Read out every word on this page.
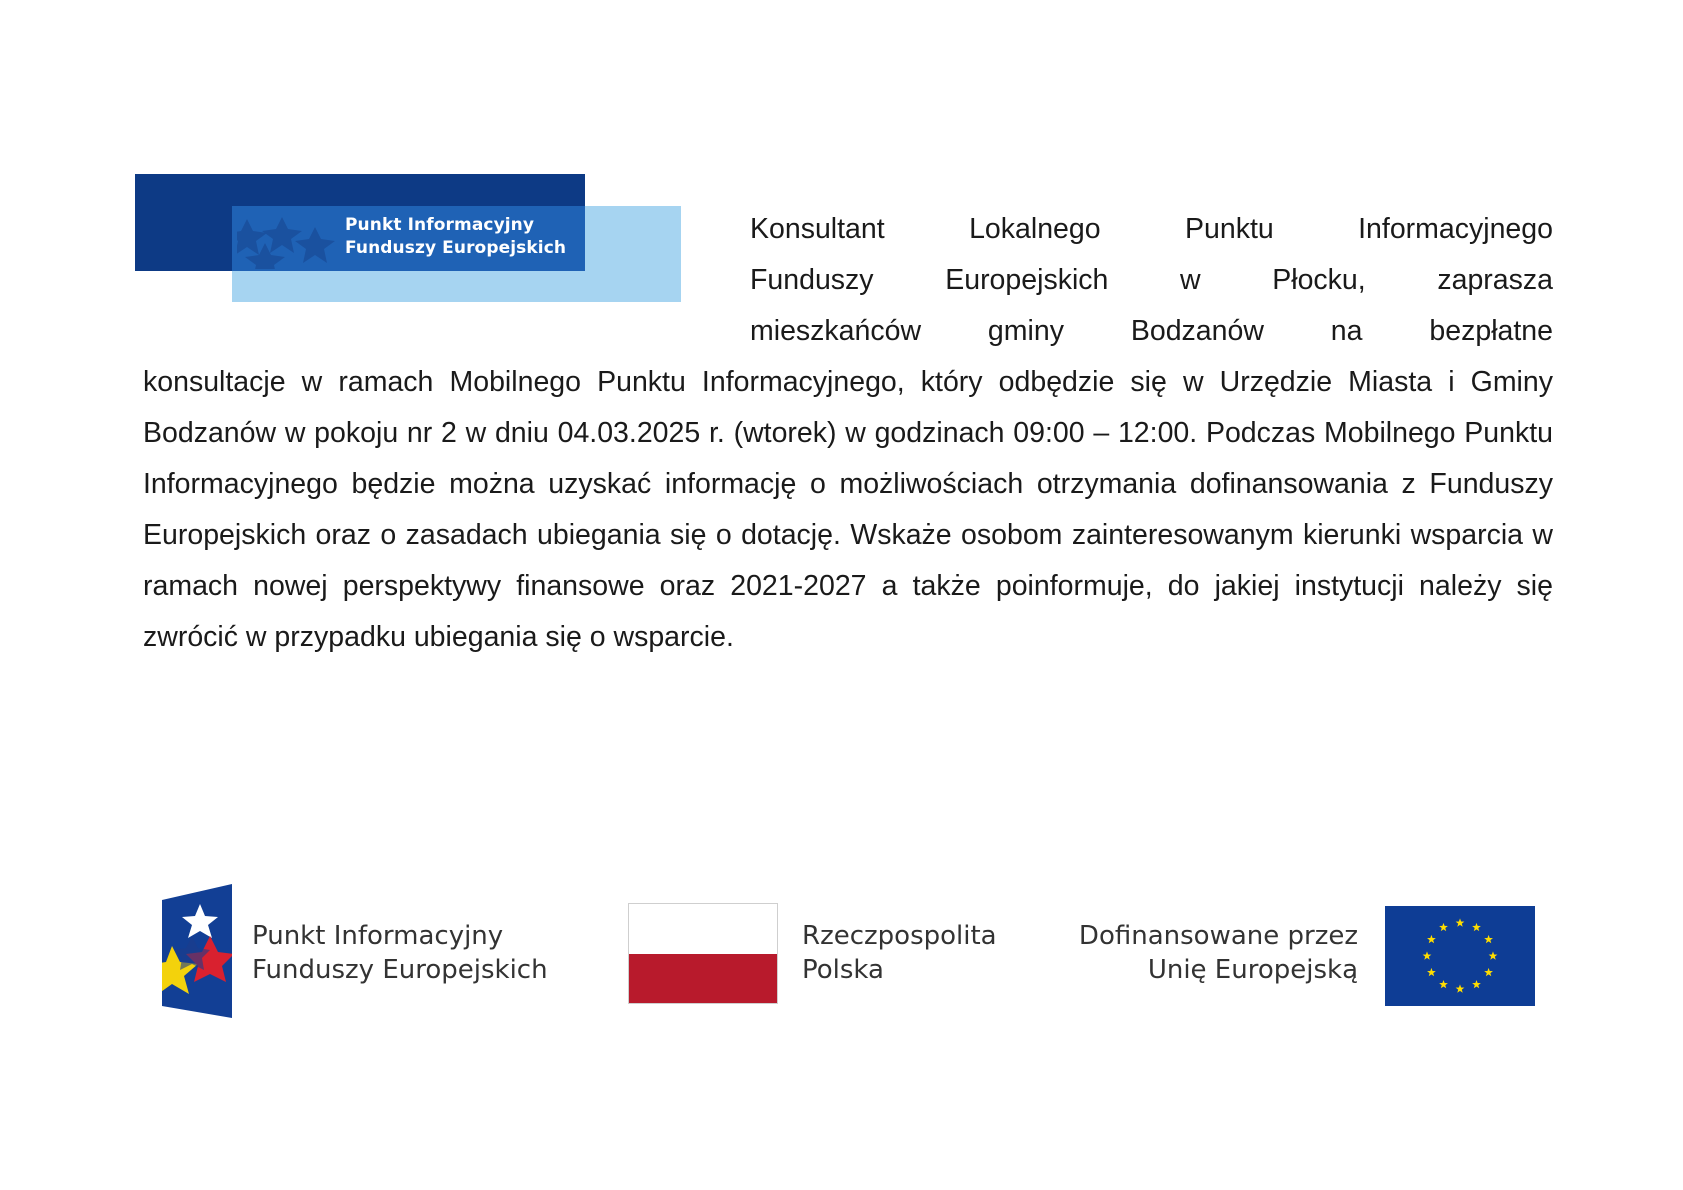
Punkt Informacyjny
Funduszy Europejskich
Konsultant Lokalnego Punktu Informacyjnego
Funduszy Europejskich w Płocku, zaprasza
mieszkańców gminy Bodzanów na bezpłatne
konsultacje w ramach Mobilnego Punktu Informacyjnego, który odbędzie się w Urzędzie Miasta i Gminy Bodzanów w pokoju nr 2 w dniu 04.03.2025 r. (wtorek) w godzinach 09:00 – 12:00. Podczas Mobilnego Punktu Informacyjnego będzie można uzyskać informację o możliwościach otrzymania dofinansowania z Funduszy Europejskich oraz o zasadach ubiegania się o dotację. Wskaże osobom zainteresowanym kierunki wsparcia w ramach nowej perspektywy finansowe oraz 2021-2027 a także poinformuje, do jakiej instytucji należy się zwrócić w przypadku ubiegania się o wsparcie.
Punkt Informacyjny
Funduszy Europejskich
Rzeczpospolita
Polska
Dofinansowane przez
Unię Europejską
